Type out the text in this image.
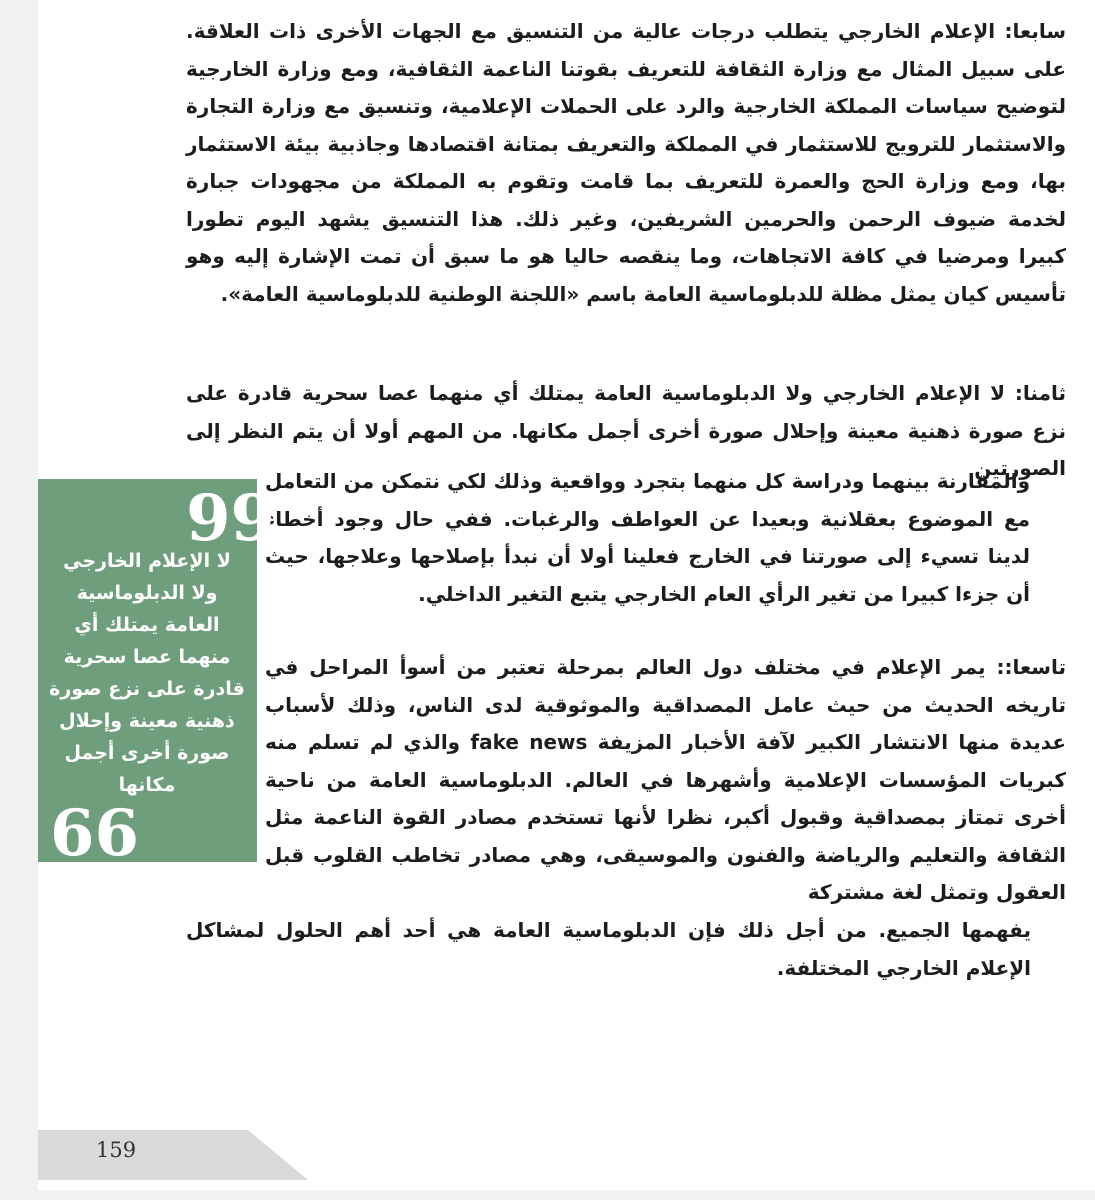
سابعا: الإعلام الخارجي يتطلب درجات عالية من التنسيق مع الجهات الأخرى ذات العلاقة. على سبيل المثال مع وزارة الثقافة للتعريف بقوتنا الناعمة الثقافية، ومع وزارة الخارجية لتوضيح سياسات المملكة الخارجية والرد على الحملات الإعلامية، وتنسيق مع وزارة التجارة والاستثمار للترويج للاستثمار في المملكة والتعريف بمتانة اقتصادها وجاذبية بيئة الاستثمار بها، ومع وزارة الحج والعمرة للتعريف بما قامت وتقوم به المملكة من مجهودات جبارة لخدمة ضيوف الرحمن والحرمين الشريفين، وغير ذلك. هذا التنسيق يشهد اليوم تطورا كبيرا ومرضيا في كافة الاتجاهات، وما ينقصه حاليا هو ما سبق أن تمت الإشارة إليه وهو تأسيس كيان يمثل مظلة للدبلوماسية العامة باسم «اللجنة الوطنية للدبلوماسية العامة».

ثامنا: لا الإعلام الخارجي ولا الدبلوماسية العامة يمتلك أي منهما عصا سحرية قادرة على نزع صورة ذهنية معينة وإحلال صورة أخرى أجمل مكانها. من المهم أولا أن يتم النظر إلى الصورتين

والمقارنة بينهما ودراسة كل منهما بتجرد وواقعية وذلك لكي نتمكن من التعامل مع الموضوع بعقلانية وبعيدا عن العواطف والرغبات. ففي حال وجود أخطاء لدينا تسيء إلى صورتنا في الخارج فعلينا أولا أن نبدأ بإصلاحها وعلاجها، حيث أن جزءا كبيرا من تغير الرأي العام الخارجي يتبع التغير الداخلي.

تاسعا:: يمر الإعلام في مختلف دول العالم بمرحلة تعتبر من أسوأ المراحل في تاريخه الحديث من حيث عامل المصداقية والموثوقية لدى الناس، وذلك لأسباب عديدة منها الانتشار الكبير لآفة الأخبار المزيفة fake news والذي لم تسلم منه كبريات المؤسسات الإعلامية وأشهرها في العالم. الدبلوماسية العامة من ناحية أخرى تمتاز بمصداقية وقبول أكبر، نظرا لأنها تستخدم مصادر القوة الناعمة مثل الثقافة والتعليم والرياضة والفنون والموسيقى، وهي مصادر تخاطب القلوب قبل العقول وتمثل لغة مشتركة

يفهمها الجميع. من أجل ذلك فإن الدبلوماسية العامة هي أحد أهم الحلول لمشاكل الإعلام الخارجي المختلفة.

99

لا الإعلام الخارجي ولا الدبلوماسية العامة يمتلك أي منهما عصا سحرية قادرة على نزع صورة ذهنية معينة وإحلال صورة أخرى أجمل مكانها

66
159
